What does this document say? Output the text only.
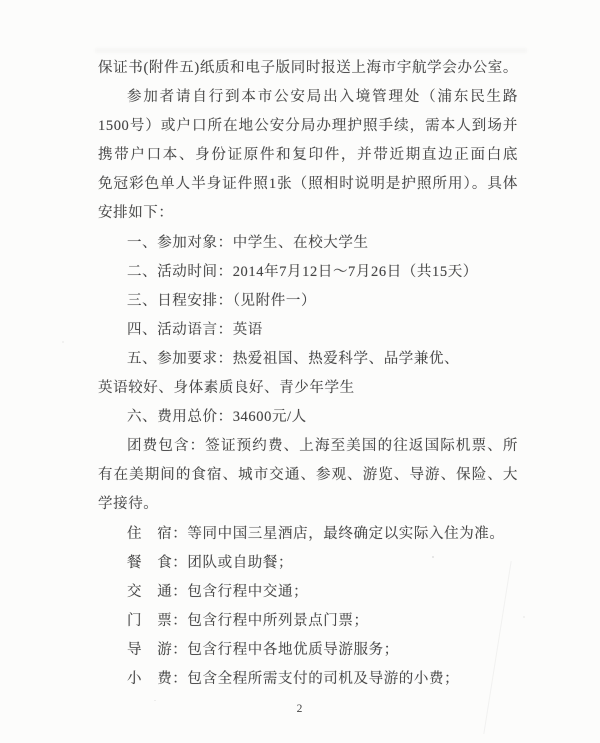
保证书(附件五)纸质和电子版同时报送上海市宇航学会办公室。
参加者请自行到本市公安局出入境管理处（浦东民生路
1500号）或户口所在地公安分局办理护照手续，需本人到场并
携带户口本、身份证原件和复印件，并带近期直边正面白底
免冠彩色单人半身证件照1张（照相时说明是护照所用）。具体
安排如下：
一、参加对象：中学生、在校大学生
二、活动时间：2014年7月12日～7月26日（共15天）
三、日程安排：（见附件一）
四、活动语言：英语
五、参加要求：热爱祖国、热爱科学、品学兼优、
英语较好、身体素质良好、青少年学生
六、费用总价：34600元/人
团费包含：签证预约费、上海至美国的往返国际机票、所
有在美期间的食宿、城市交通、参观、游览、导游、保险、大
学接待。
住　宿：等同中国三星酒店，最终确定以实际入住为准。
餐　食：团队或自助餐；
交　通：包含行程中交通；
门　票：包含行程中所列景点门票；
导　游：包含行程中各地优质导游服务；
小　费：包含全程所需支付的司机及导游的小费；
2
